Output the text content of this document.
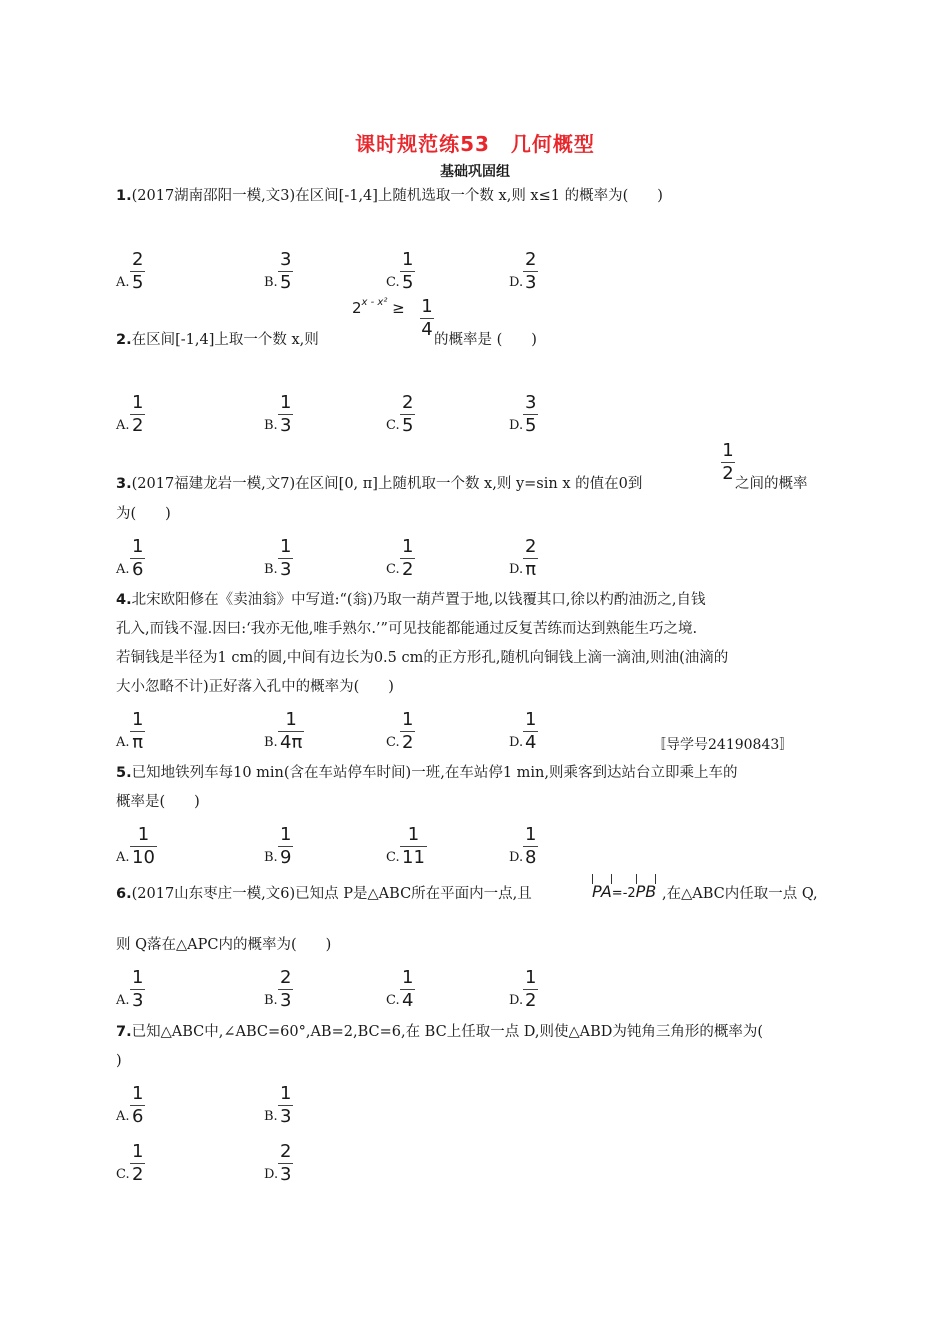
课时规范练53　几何概型
基础巩固组
1.(2017湖南邵阳一模,文3)在区间[-1,4]上随机选取一个数 x,则 x≤1 的概率为(　　)
A.
2
5	B.
3
5	C.
1
5	D.
2
3
2.在区间[-1,4]上取一个数 x,则
$2^{x - x^2} \ge 1$
4 的概率是 (　　)
A.
1
2	B.
1
3	C.
2
5	D.
3
5
3.(2017福建龙岩一模,文7)在区间[0, π]上随机取一个数 x,则 y=sin x 的值在0到
1
2 之间的概率
为(　　)
A.
1
6	B.
1
3	C.
1
2	D.
2
π
4.北宋欧阳修在《卖油翁》中写道:“(翁)乃取一葫芦置于地,以钱覆其口,徐以杓酌油沥之,自钱
孔入,而钱不湿.因曰:‘我亦无他,唯手熟尔.’”可见技能都能通过反复苦练而达到熟能生巧之境.
若铜钱是半径为1 cm的圆,中间有边长为0.5 cm的正方形孔,随机向铜钱上滴一滴油,则油(油滴的
大小忽略不计)正好落入孔中的概率为(　　)
A.
1
π	B.
1
4π	C.
1
2	D.
1
4	〚导学号24190843〛
5.已知地铁列车每10 min(含在车站停车时间)一班,在车站停1 min,则乘客到达站台立即乘上车的
概率是(　　)
A.
1
10	B.
1
9	C.
1
11	D.
1
8
6.(2017山东枣庄一模,文6)已知点 P是△ABC所在平面内一点,且	PA=-2PB ,在△ABC内任取一点 Q,
则 Q落在△APC内的概率为(　　)
A.
1
3	B.
2
3	C.
1
4	D.
1
2
7.已知△ABC中,∠ABC=60°,AB=2,BC=6,在 BC上任取一点 D,则使△ABD为钝角三角形的概率为(
)
A.
1
6	B.
1
3
C.
1
2	D.
2
3
